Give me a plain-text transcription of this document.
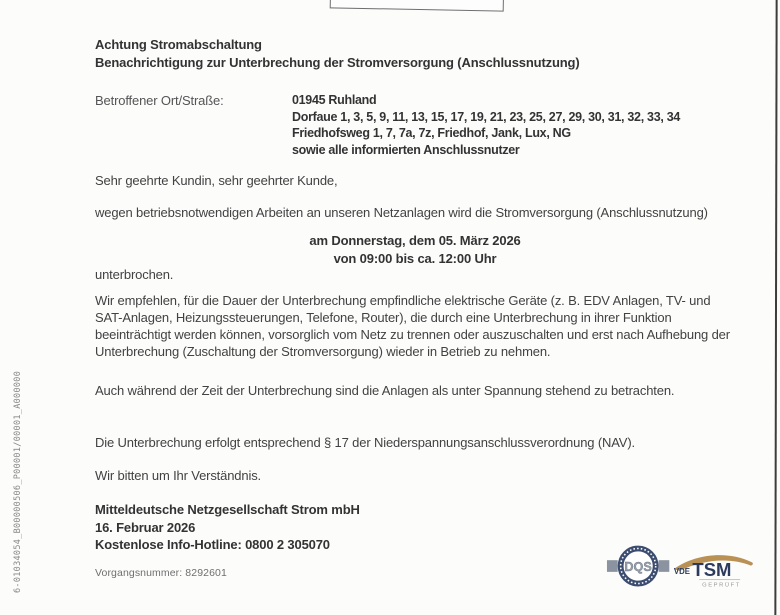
6-01034054_B00000506_P00001/00001_A000000
Achtung Stromabschaltung
Benachrichtigung zur Unterbrechung der Stromversorgung (Anschlussnutzung)
Betroffener Ort/Straße:	01945 Ruhland
Dorfaue 1, 3, 5, 9, 11, 13, 15, 17, 19, 21, 23, 25, 27, 29, 30, 31, 32, 33, 34
Friedhofsweg 1, 7, 7a, 7z, Friedhof, Jank, Lux, NG
sowie alle informierten Anschlussnutzer
Sehr geehrte Kundin, sehr geehrter Kunde,
wegen betriebsnotwendigen Arbeiten an unseren Netzanlagen wird die Stromversorgung (Anschlussnutzung)
am Donnerstag, dem 05. März 2026
von 09:00 bis ca. 12:00 Uhr
unterbrochen.
Wir empfehlen, für die Dauer der Unterbrechung empfindliche elektrische Geräte (z. B. EDV Anlagen, TV- und SAT-Anlagen, Heizungssteuerungen, Telefone, Router), die durch eine Unterbrechung in ihrer Funktion beeinträchtigt werden können, vorsorglich vom Netz zu trennen oder auszuschalten und erst nach Aufhebung der Unterbrechung (Zuschaltung der Stromversorgung) wieder in Betrieb zu nehmen.
Auch während der Zeit der Unterbrechung sind die Anlagen als unter Spannung stehend zu betrachten.
Die Unterbrechung erfolgt entsprechend § 17 der Niederspannungsanschlussverordnung (NAV).
Wir bitten um Ihr Verständnis.
Mitteldeutsche Netzgesellschaft Strom mbH
16. Februar 2026
Kostenlose Info-Hotline: 0800 2 305070
Vorgangsnummer: 8292601	DQS	VDE TSM
GEPRÜFT
